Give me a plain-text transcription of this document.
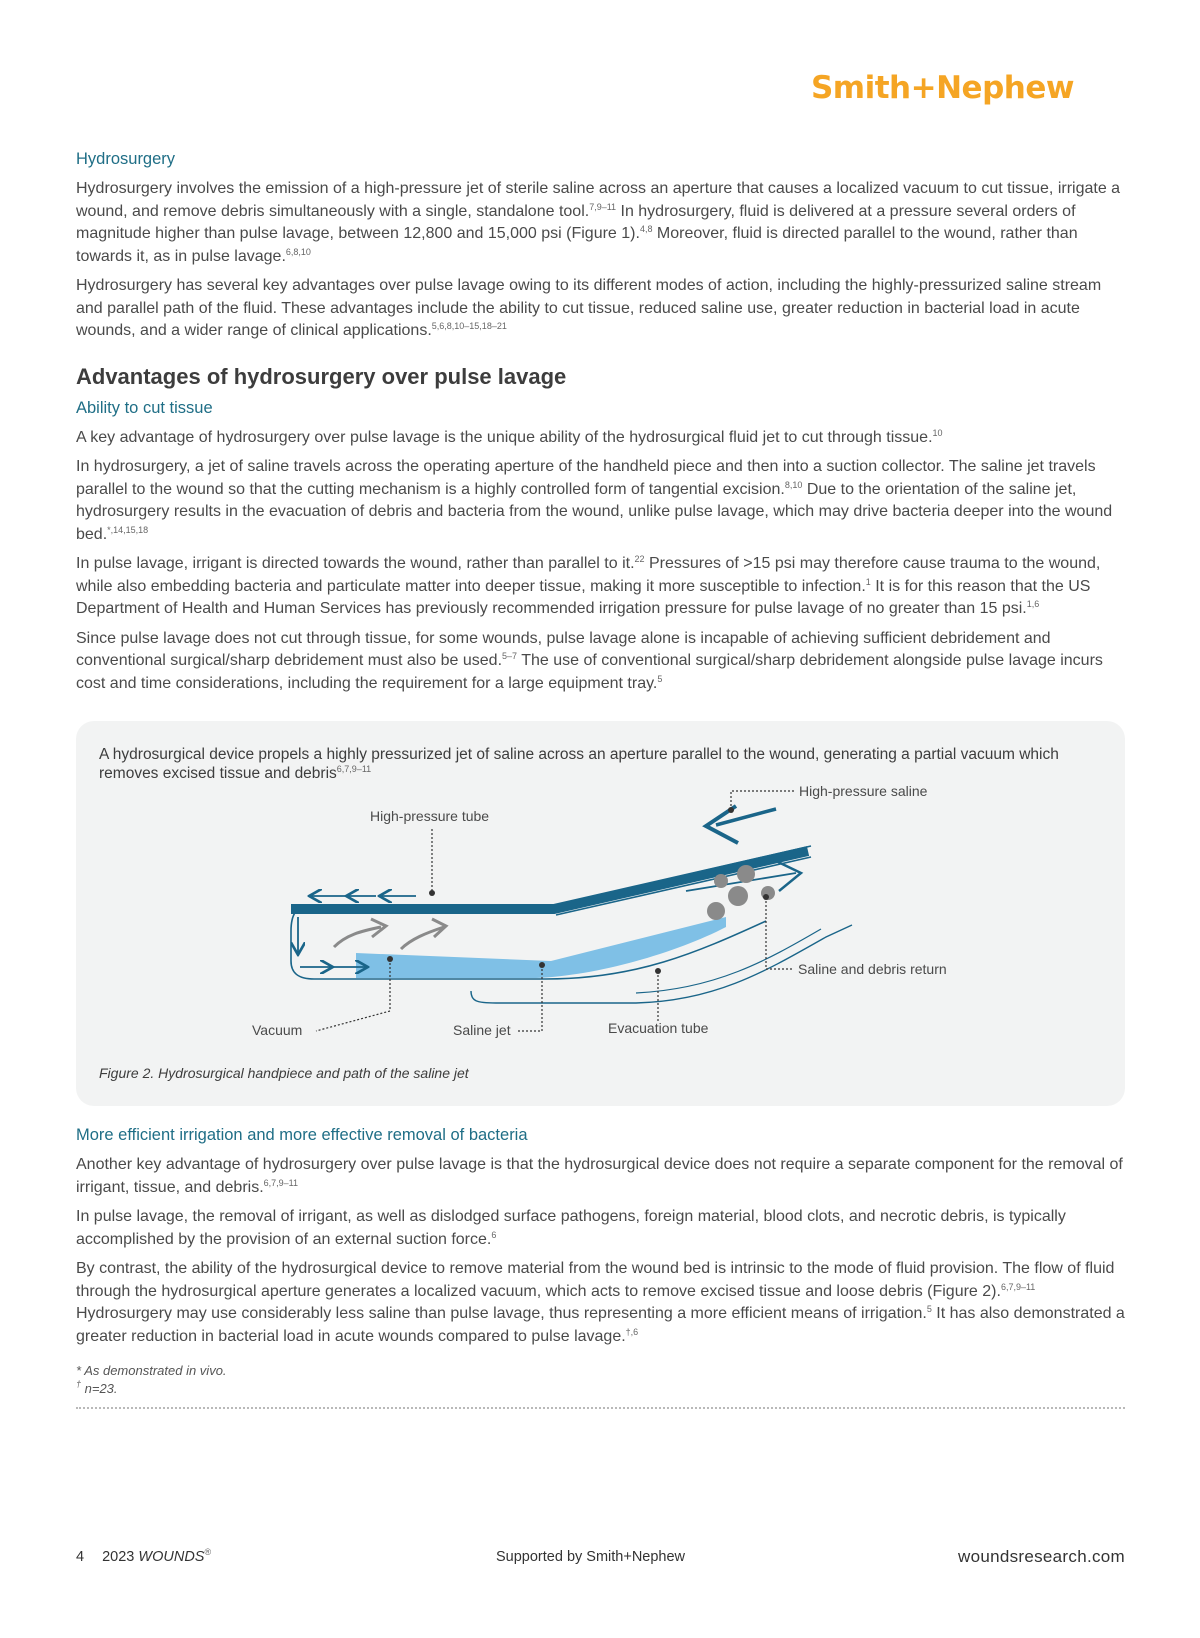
Smith+Nephew
Hydrosurgery

Hydrosurgery involves the emission of a high-pressure jet of sterile saline across an aperture that causes a localized vacuum to cut tissue, irrigate a wound, and remove debris simultaneously with a single, standalone tool.$^{7,9-11}$ In hydrosurgery, fluid is delivered at a pressure several orders of magnitude higher than pulse lavage, between 12,800 and 15,000 psi (Figure 1).$^{4,8}$ Moreover, fluid is directed parallel to the wound, rather than towards it, as in pulse lavage.$^{6,8,10}$

Hydrosurgery has several key advantages over pulse lavage owing to its different modes of action, including the highly-pressurized saline stream and parallel path of the fluid. These advantages include the ability to cut tissue, reduced saline use, greater reduction in bacterial load in acute wounds, and a wider range of clinical applications.$^{5,6,8,10-15,18-21}$

Advantages of hydrosurgery over pulse lavage
Ability to cut tissue

A key advantage of hydrosurgery over pulse lavage is the unique ability of the hydrosurgical fluid jet to cut through tissue.$^{10}$

In hydrosurgery, a jet of saline travels across the operating aperture of the handheld piece and then into a suction collector. The saline jet travels parallel to the wound so that the cutting mechanism is a highly controlled form of tangential excision.$^{8,10}$ Due to the orientation of the saline jet, hydrosurgery results in the evacuation of debris and bacteria from the wound, unlike pulse lavage, which may drive bacteria deeper into the wound bed.$^{*,14,15,18}$

In pulse lavage, irrigant is directed towards the wound, rather than parallel to it.$^{22}$ Pressures of >15 psi may therefore cause trauma to the wound, while also embedding bacteria and particulate matter into deeper tissue, making it more susceptible to infection.$^1$ It is for this reason that the US Department of Health and Human Services has previously recommended irrigation pressure for pulse lavage of no greater than 15 psi.$^{1,6}$

Since pulse lavage does not cut through tissue, for some wounds, pulse lavage alone is incapable of achieving sufficient debridement and conventional surgical/sharp debridement must also be used.$^{5-7}$ The use of conventional surgical/sharp debridement alongside pulse lavage incurs cost and time considerations, including the requirement for a large equipment tray.$^5$

A hydrosurgical device propels a highly pressurized jet of saline across an aperture parallel to the wound, generating a partial vacuum which removes excised tissue and debris$^{6,7,9-11}$
High-pressure saline
High-pressure tube
Saline and debris return
Vacuum	Saline jet	Evacuation tube
Figure 2. Hydrosurgical handpiece and path of the saline jet
More efficient irrigation and more effective removal of bacteria

Another key advantage of hydrosurgery over pulse lavage is that the hydrosurgical device does not require a separate component for the removal of irrigant, tissue, and debris.$^{6,7,9-11}$

In pulse lavage, the removal of irrigant, as well as dislodged surface pathogens, foreign material, blood clots, and necrotic debris, is typically accomplished by the provision of an external suction force.$^6$

By contrast, the ability of the hydrosurgical device to remove material from the wound bed is intrinsic to the mode of fluid provision. The flow of fluid through the hydrosurgical aperture generates a localized vacuum, which acts to remove excised tissue and loose debris (Figure 2).$^{6,7,9-11}$ Hydrosurgery may use considerably less saline than pulse lavage, thus representing a more efficient means of irrigation.$^5$ It has also demonstrated a greater reduction in bacterial load in acute wounds compared to pulse lavage.$^{\dagger,6}$

* As demonstrated in vivo.
† n=23.
4 2023 WOUNDS®	Supported by Smith+Nephew	woundsresearch.com
